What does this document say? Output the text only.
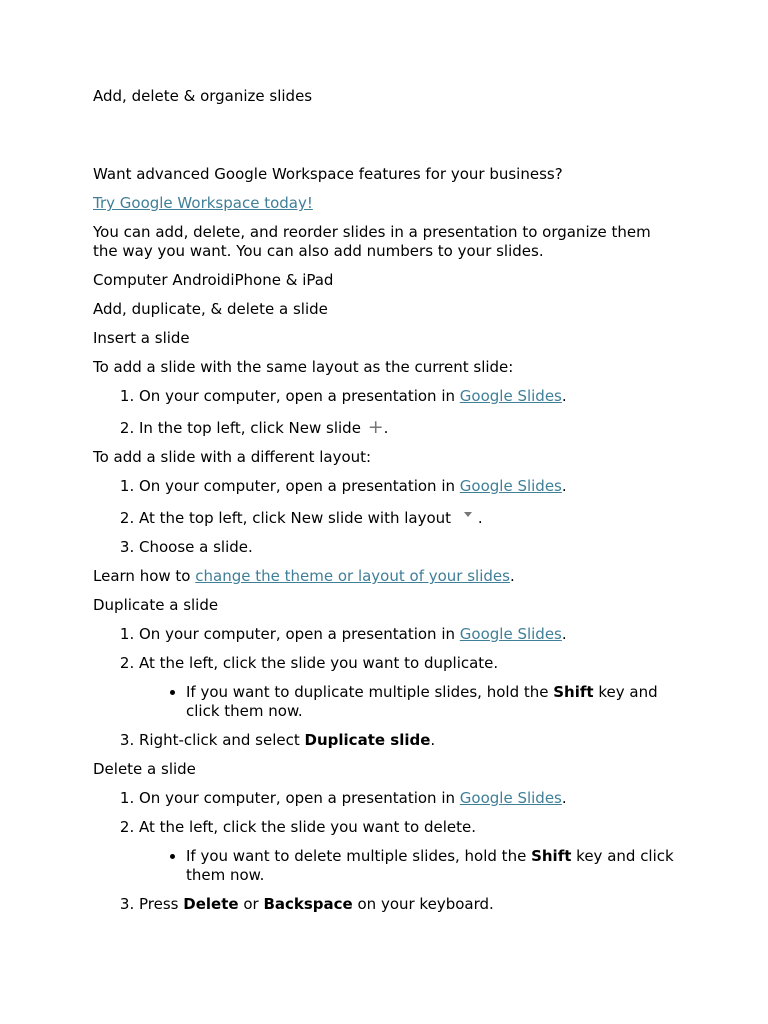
Add, delete & organize slides
Want advanced Google Workspace features for your business?
Try Google Workspace today!
You can add, delete, and reorder slides in a presentation to organize them the way you want. You can also add numbers to your slides.
Computer AndroidiPhone & iPad
Add, duplicate, & delete a slide
Insert a slide
To add a slide with the same layout as the current slide:
1. On your computer, open a presentation in Google Slides.
2. In the top left, click New slide +.
To add a slide with a different layout:
1. On your computer, open a presentation in Google Slides.
2. At the top left, click New slide with layout .
3. Choose a slide.
Learn how to change the theme or layout of your slides.
Duplicate a slide
1. On your computer, open a presentation in Google Slides.
2. At the left, click the slide you want to duplicate.
• If you want to duplicate multiple slides, hold the Shift key and click them now.
3. Right-click and select Duplicate slide.
Delete a slide
1. On your computer, open a presentation in Google Slides.
2. At the left, click the slide you want to delete.
• If you want to delete multiple slides, hold the Shift key and click them now.
3. Press Delete or Backspace on your keyboard.
